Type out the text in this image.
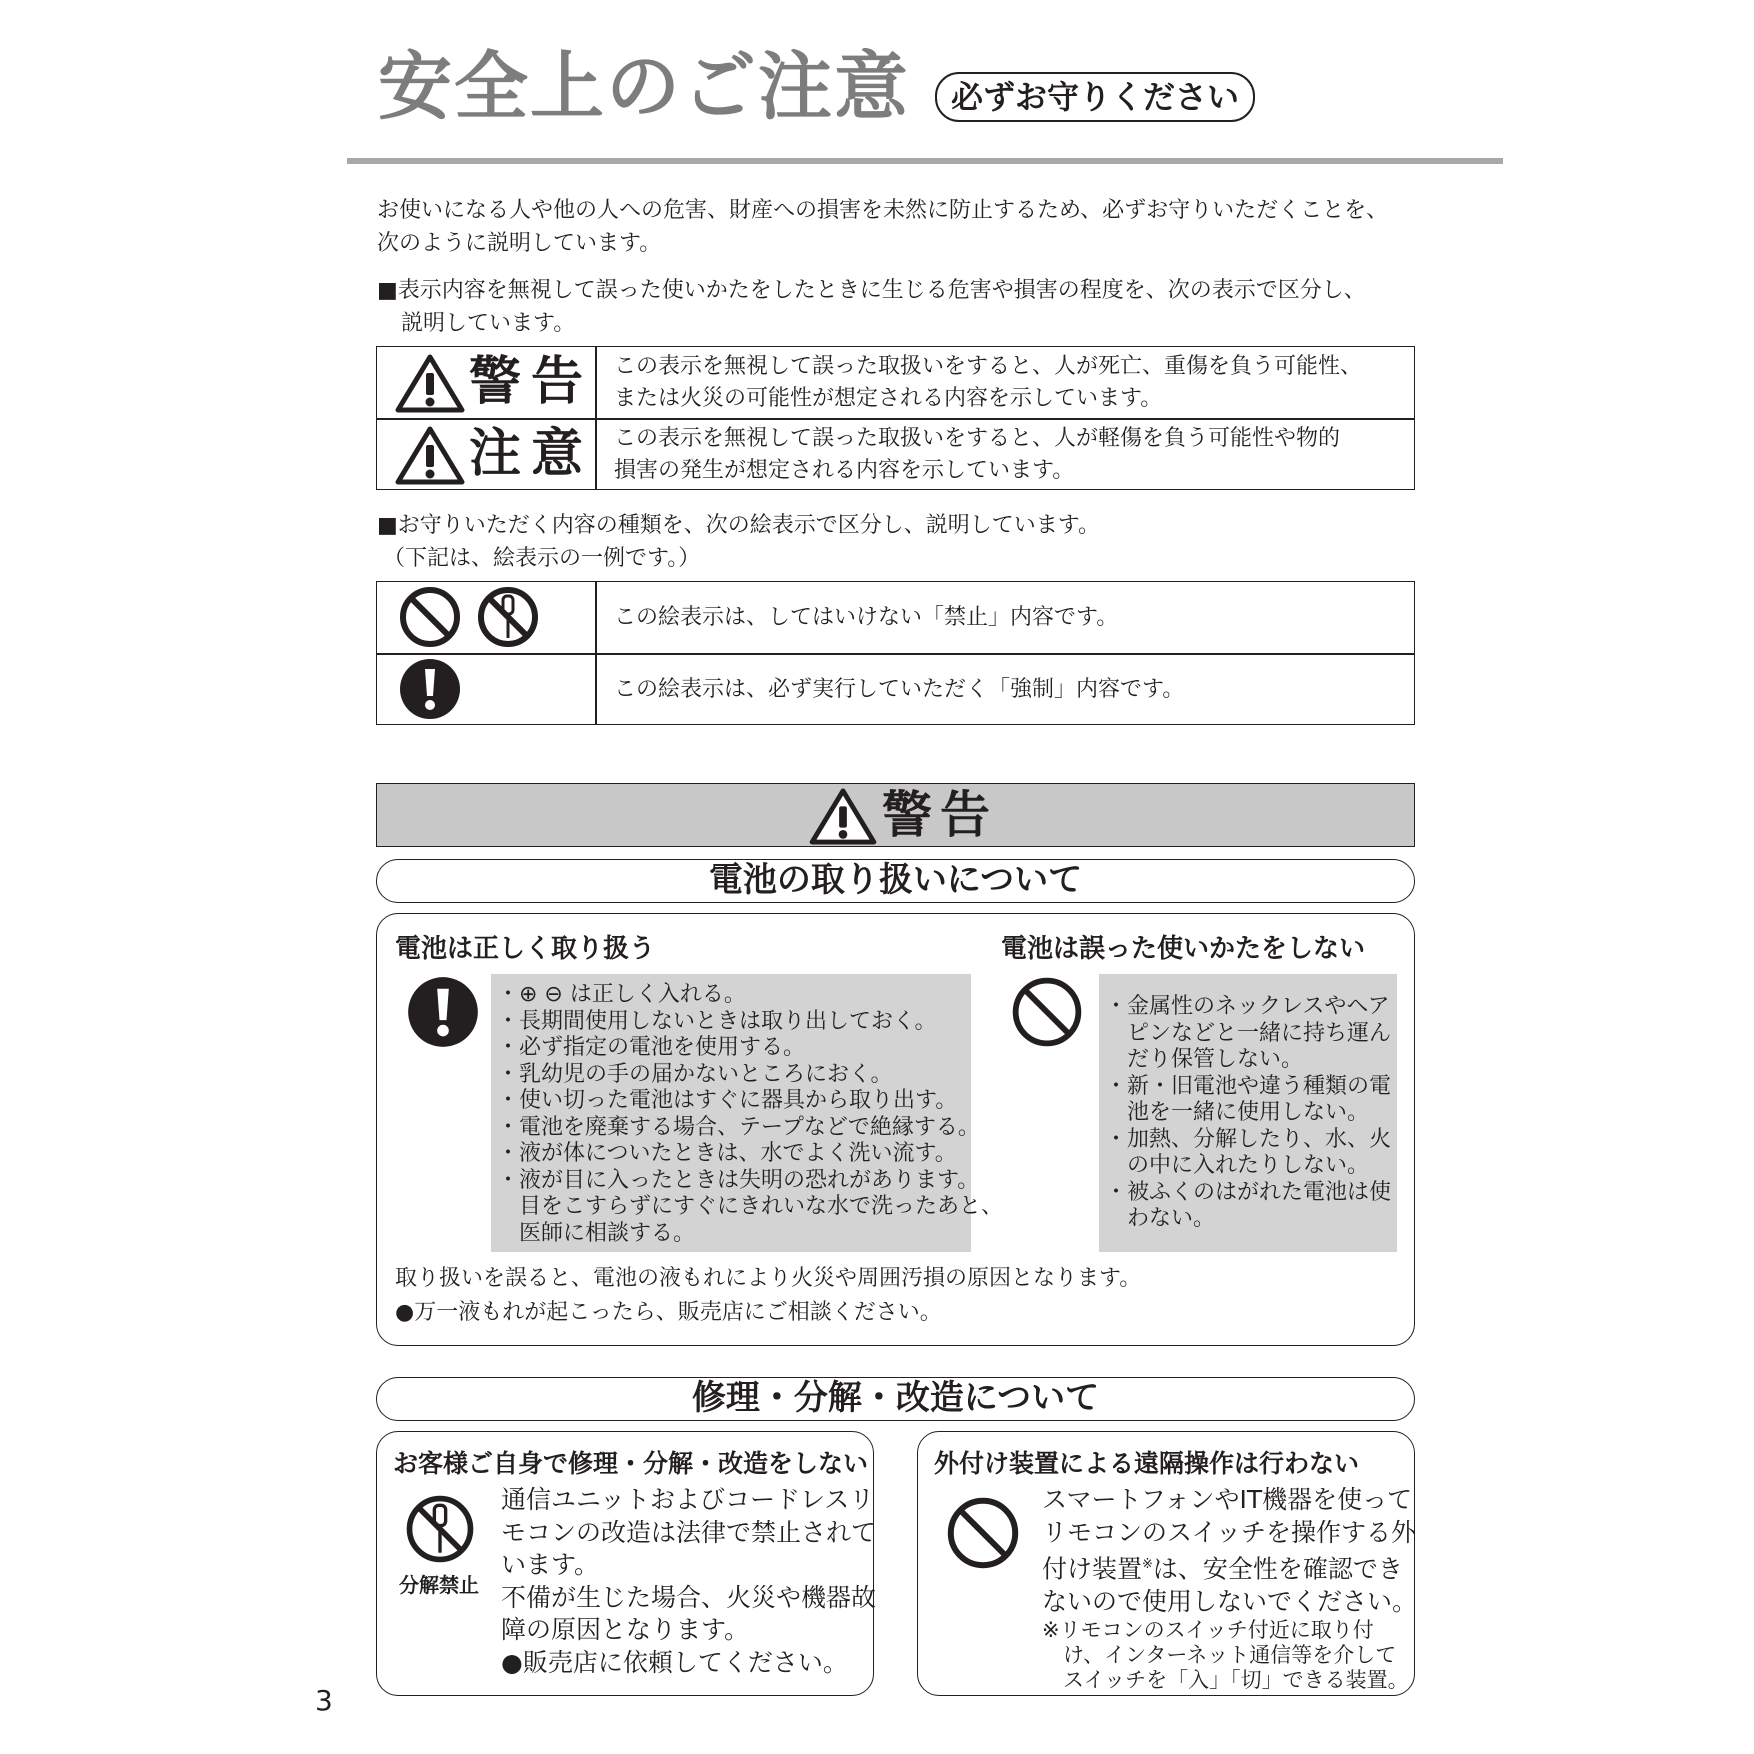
安全上のご注意	必ずお守りください
お使いになる人や他の人への危害、財産への損害を未然に防止するため、必ずお守りいただくことを、
次のように説明しています。
■表示内容を無視して誤った使いかたをしたときに生じる危害や損害の程度を、次の表示で区分し、
説明しています。
警告 この表示を無視して誤った取扱いをすると、人が死亡、重傷を負う可能性、
または火災の可能性が想定される内容を示しています。
注意 この表示を無視して誤った取扱いをすると、人が軽傷を負う可能性や物的
損害の発生が想定される内容を示しています。
■お守りいただく内容の種類を、次の絵表示で区分し、説明しています。
（下記は、絵表示の一例です。）
この絵表示は、してはいけない「禁止」内容です。
この絵表示は、必ず実行していただく「強制」内容です。
警告
電池の取り扱いについて
電池は正しく取り扱う
・⊕ ⊖ は正しく入れる。
・長期間使用しないときは取り出しておく。
・必ず指定の電池を使用する。
・乳幼児の手の届かないところにおく。
・使い切った電池はすぐに器具から取り出す。
・電池を廃棄する場合、テープなどで絶縁する。
・液が体についたときは、水でよく洗い流す。
・液が目に入ったときは失明の恐れがあります。
　目をこすらずにすぐにきれいな水で洗ったあと、
　医師に相談する。
電池は誤った使いかたをしない
・金属性のネックレスやヘア
　ピンなどと一緒に持ち運ん
　だり保管しない。
・新・旧電池や違う種類の電
　池を一緒に使用しない。
・加熱、分解したり、水、火
　の中に入れたりしない。
・被ふくのはがれた電池は使
　わない。
取り扱いを誤ると、電池の液もれにより火災や周囲汚損の原因となります。
●万一液もれが起こったら、販売店にご相談ください。
修理・分解・改造について
お客様ご自身で修理・分解・改造をしない
分解禁止
通信ユニットおよびコードレスリ
モコンの改造は法律で禁止されて
います。
不備が生じた場合、火災や機器故
障の原因となります。
●販売店に依頼してください。
外付け装置による遠隔操作は行わない
スマートフォンやIT機器を使って
リモコンのスイッチを操作する外
付け装置※は、安全性を確認でき
ないので使用しないでください。
※リモコンのスイッチ付近に取り付
　け、インターネット通信等を介して
　スイッチを「入」「切」できる装置。
3
